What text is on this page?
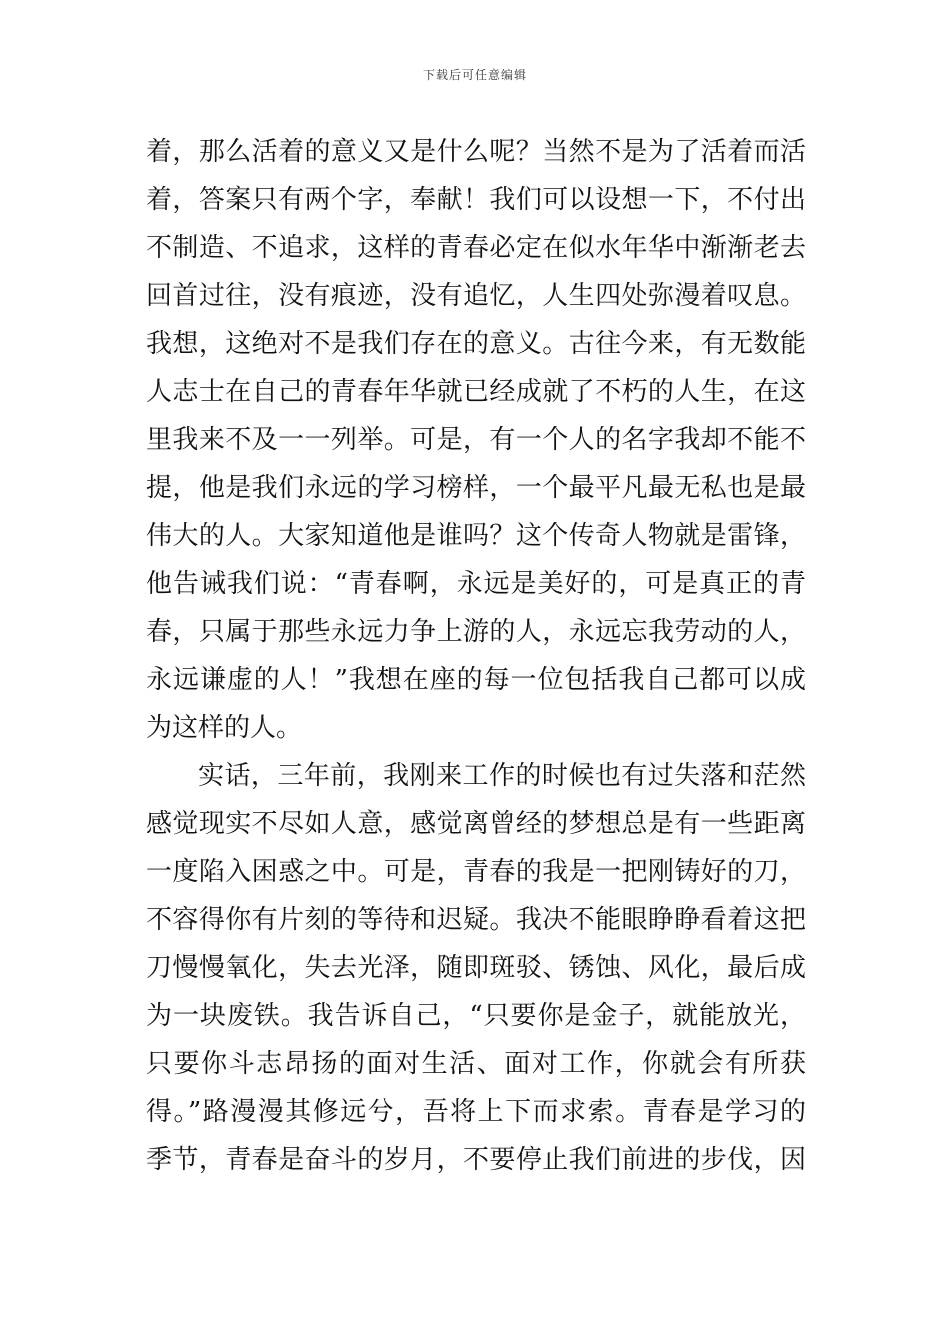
下载后可任意编辑
着，那么活着的意义又是什么呢？当然不是为了活着而活
着，答案只有两个字，奉献！我们可以设想一下，不付出
不制造、不追求，这样的青春必定在似水年华中渐渐老去
回首过往，没有痕迹，没有追忆，人生四处弥漫着叹息。
我想，这绝对不是我们存在的意义。古往今来，有无数能
人志士在自己的青春年华就已经成就了不朽的人生，在这
里我来不及一一列举。可是，有一个人的名字我却不能不
提，他是我们永远的学习榜样，一个最平凡最无私也是最
伟大的人。大家知道他是谁吗？这个传奇人物就是雷锋，
他告诫我们说：“青春啊，永远是美好的，可是真正的青
春，只属于那些永远力争上游的人，永远忘我劳动的人，
永远谦虚的人！”我想在座的每一位包括我自己都可以成
为这样的人。
实话，三年前，我刚来工作的时候也有过失落和茫然
感觉现实不尽如人意，感觉离曾经的梦想总是有一些距离
一度陷入困惑之中。可是，青春的我是一把刚铸好的刀，
不容得你有片刻的等待和迟疑。我决不能眼睁睁看着这把
刀慢慢氧化，失去光泽，随即斑驳、锈蚀、风化，最后成
为一块废铁。我告诉自己，“只要你是金子，就能放光，
只要你斗志昂扬的面对生活、面对工作，你就会有所获
得。”路漫漫其修远兮，吾将上下而求索。青春是学习的
季节，青春是奋斗的岁月，不要停止我们前进的步伐，因
